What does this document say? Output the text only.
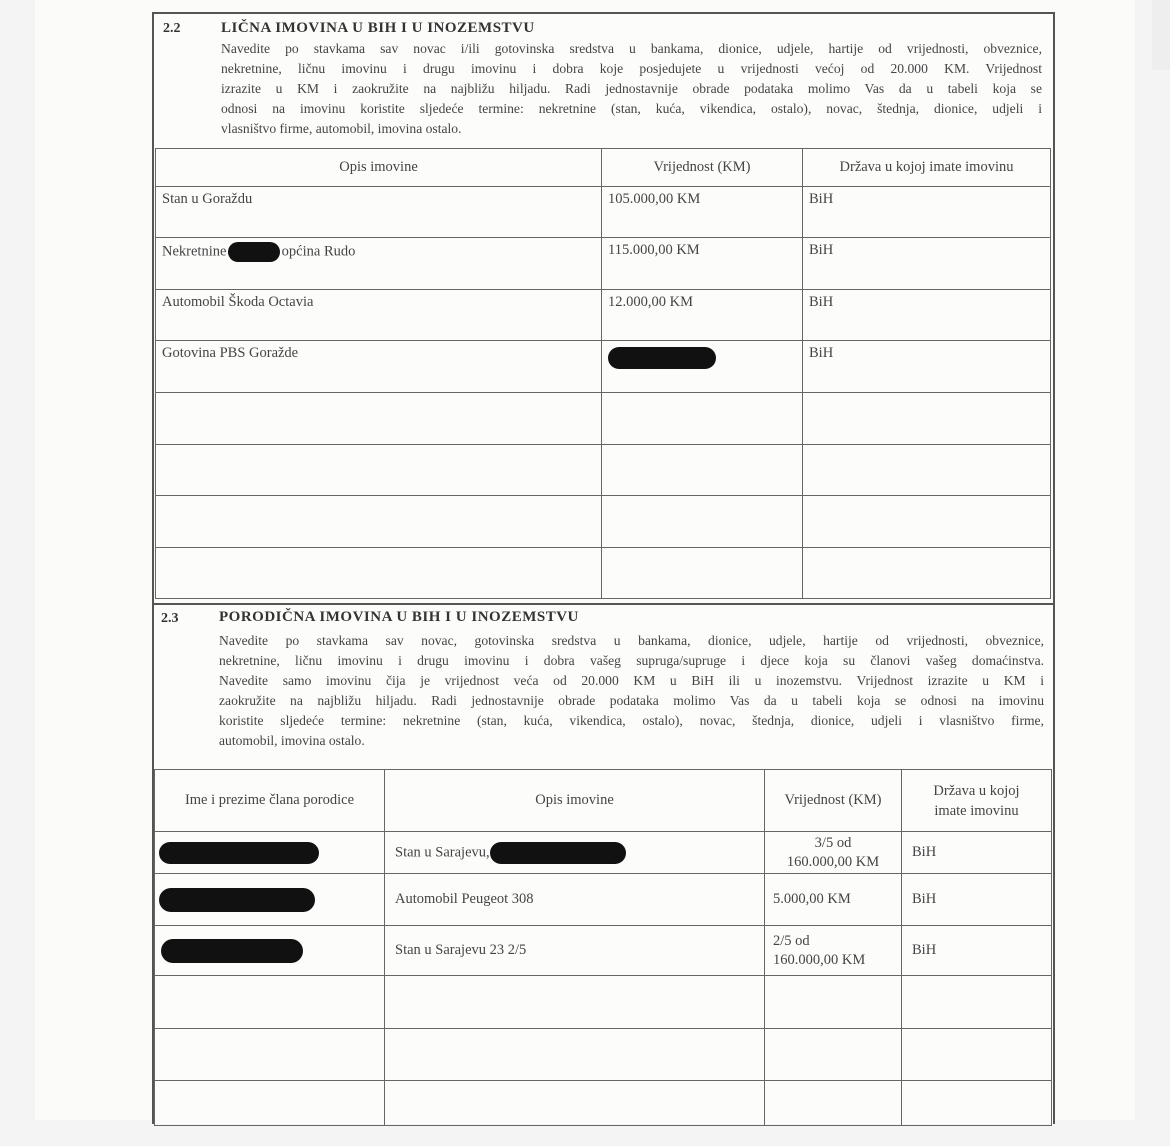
2.2	LIČNA IMOVINA U BIH I U INOZEMSTVU
Navedite po stavkama sav novac i/ili gotovinska sredstva u bankama, dionice, udjele, hartije od vrijednosti, obveznice,
nekretnine, ličnu imovinu i drugu imovinu i dobra koje posjedujete u vrijednosti većoj od 20.000 KM. Vrijednost
izrazite u KM i zaokružite na najbližu hiljadu. Radi jednostavnije obrade podataka molimo Vas da u tabeli koja se
odnosi na imovinu koristite sljedeće termine: nekretnine (stan, kuća, vikendica, ostalo), novac, štednja, dionice, udjeli i
vlasništvo firme, automobil, imovina ostalo.
Opis imovine	Vrijednost (KM)	Država u kojoj imate imovinu
Stan u Goraždu	105.000,00 KM	BiH
Nekretnine općina Rudo	115.000,00 KM	BiH
Automobil Škoda Octavia	12.000,00 KM	BiH
Gotovina PBS Goražde		BiH

2.3	PORODIČNA IMOVINA U BIH I U INOZEMSTVU
Navedite po stavkama sav novac, gotovinska sredstva u bankama, dionice, udjele, hartije od vrijednosti, obveznice,
nekretnine, ličnu imovinu i drugu imovinu i dobra vašeg supruga/supruge i djece koja su članovi vašeg domaćinstva.
Navedite samo imovinu čija je vrijednost veća od 20.000 KM u BiH ili u inozemstvu. Vrijednost izrazite u KM i
zaokružite na najbližu hiljadu. Radi jednostavnije obrade podataka molimo Vas da u tabeli koja se odnosi na imovinu
koristite sljedeće termine: nekretnine (stan, kuća, vikendica, ostalo), novac, štednja, dionice, udjeli i vlasništvo firme,
automobil, imovina ostalo.
Ime i prezime člana porodice	Opis imovine	Vrijednost (KM)	Država u kojoj
imate imovinu

	Stan u Sarajevu,	3/5 od
160.000,00 KM	BiH
	Automobil Peugeot 308	5.000,00 KM	BiH
	Stan u Sarajevu 23 2/5	2/5 od
160.000,00 KM	BiH
